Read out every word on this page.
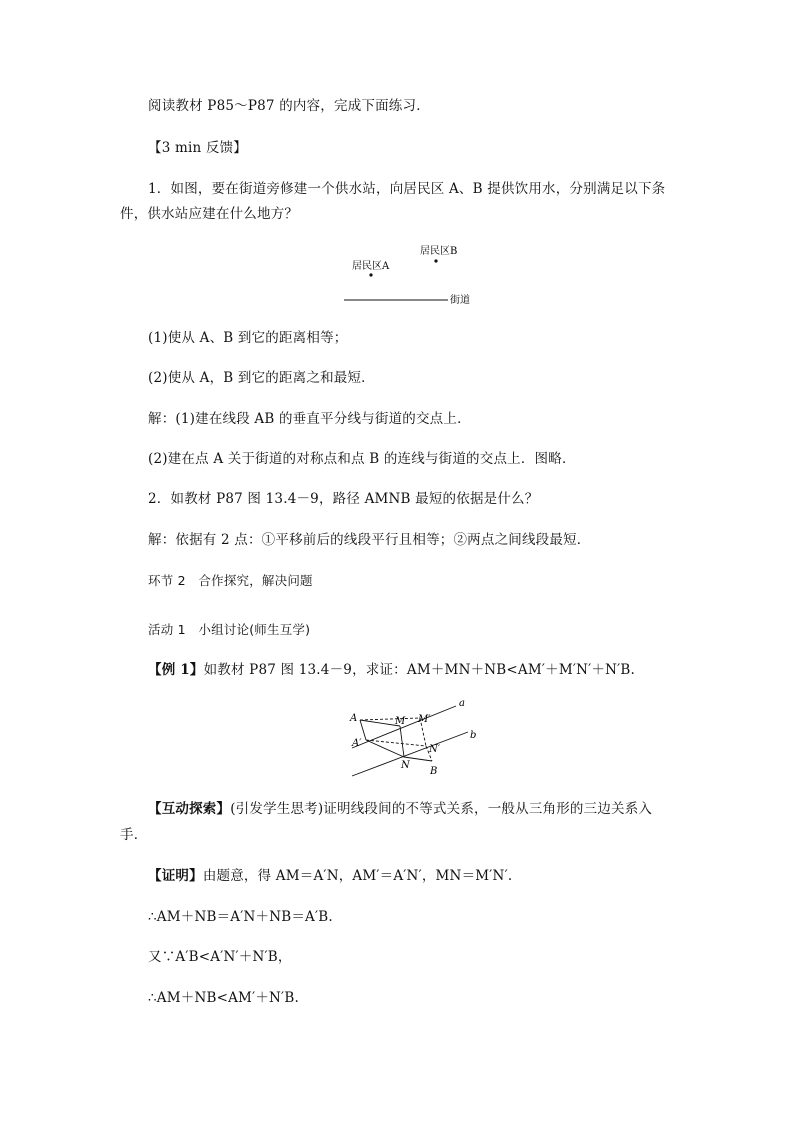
阅读教材 P85～P87 的内容，完成下面练习．
【3 min 反馈】
1．如图，要在街道旁修建一个供水站，向居民区 A、B 提供饮用水，分别满足以下条
件，供水站应建在什么地方？
居民区B
居民区A
街道
(1)使从 A、B 到它的距离相等；
(2)使从 A，B 到它的距离之和最短．
解：(1)建在线段 AB 的垂直平分线与街道的交点上．
(2)建在点 A 关于街道的对称点和点 B 的连线与街道的交点上．图略．
2．如教材 P87 图 13.4－9，路径 AMNB 最短的依据是什么？
解：依据有 2 点：①平移前后的线段平行且相等；②两点之间线段最短．
环节 2　合作探究，解决问题
活动 1　小组讨论(师生互学)
【例 1】如教材 P87 图 13.4－9，求证：AM＋MN＋NB<AM′＋M′N′＋N′B.
a
b
A
A′
M M′
N
N′
B
【互动探索】(引发学生思考)证明线段间的不等式关系，一般从三角形的三边关系入
手．
【证明】由题意，得 AM＝A′N，AM′＝A′N′，MN＝M′N′.
∴AM＋NB＝A′N＋NB＝A′B.
又∵A′B<A′N′＋N′B，
∴AM＋NB<AM′＋N′B.
